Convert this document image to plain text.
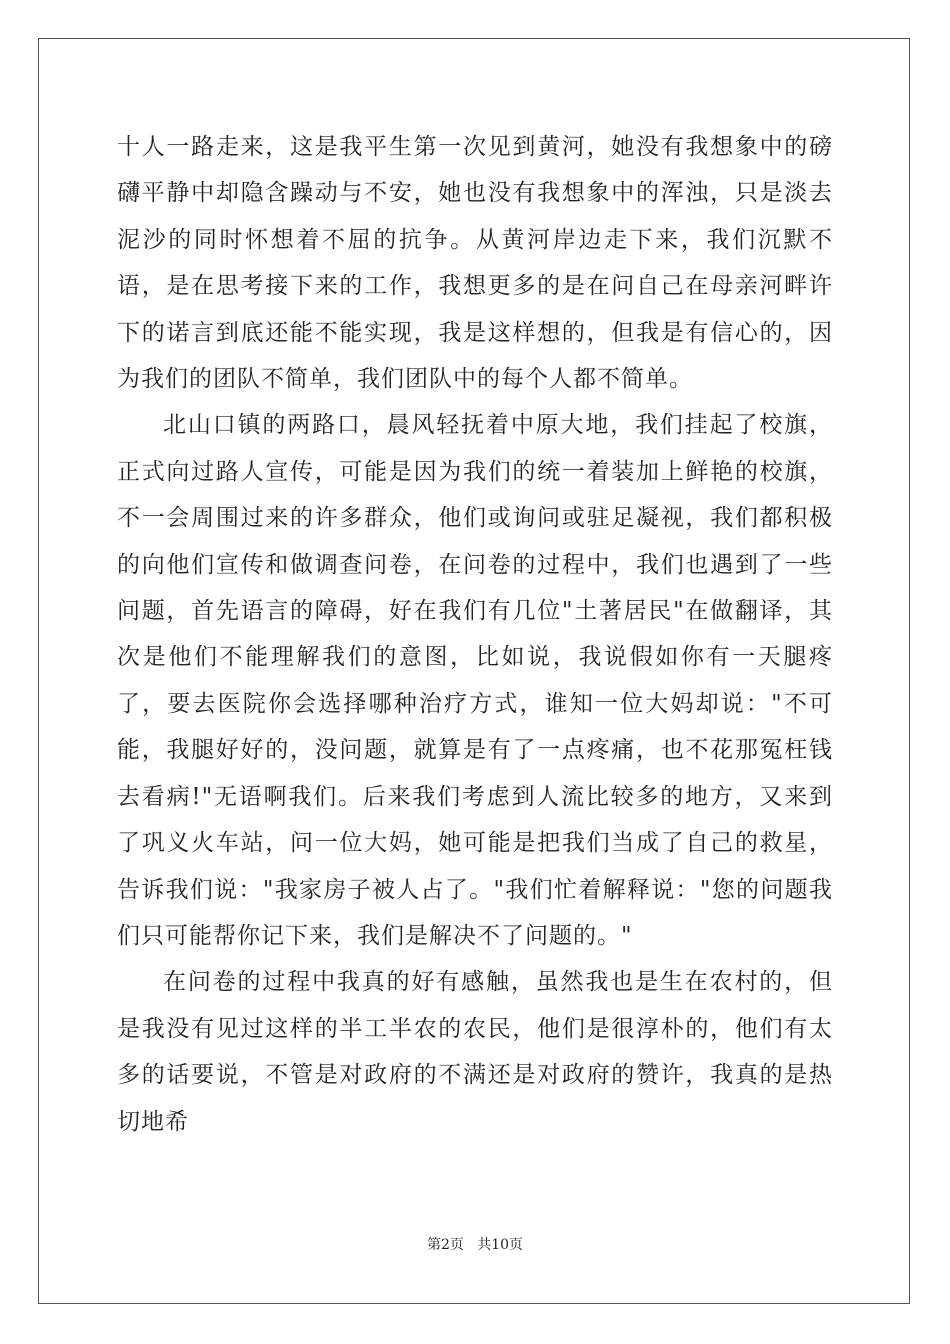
十人一路走来，这是我平生第一次见到黄河，她没有我想象中的磅礴平静中却隐含躁动与不安，她也没有我想象中的浑浊，只是淡去泥沙的同时怀想着不屈的抗争。从黄河岸边走下来，我们沉默不语，是在思考接下来的工作，我想更多的是在问自己在母亲河畔许下的诺言到底还能不能实现，我是这样想的，但我是有信心的，因为我们的团队不简单，我们团队中的每个人都不简单。

北山口镇的两路口，晨风轻抚着中原大地，我们挂起了校旗，正式向过路人宣传，可能是因为我们的统一着装加上鲜艳的校旗，不一会周围过来的许多群众，他们或询问或驻足凝视，我们都积极的向他们宣传和做调查问卷，在问卷的过程中，我们也遇到了一些问题，首先语言的障碍，好在我们有几位"土著居民"在做翻译，其次是他们不能理解我们的意图，比如说，我说假如你有一天腿疼了，要去医院你会选择哪种治疗方式，谁知一位大妈却说："不可能，我腿好好的，没问题，就算是有了一点疼痛，也不花那冤枉钱去看病!"无语啊我们。后来我们考虑到人流比较多的地方，又来到了巩义火车站，问一位大妈，她可能是把我们当成了自己的救星，告诉我们说："我家房子被人占了。"我们忙着解释说："您的问题我们只可能帮你记下来，我们是解决不了问题的。"

在问卷的过程中我真的好有感触，虽然我也是生在农村的，但是我没有见过这样的半工半农的农民，他们是很淳朴的，他们有太多的话要说，不管是对政府的不满还是对政府的赞许，我真的是热切地希

第2页   共10页
